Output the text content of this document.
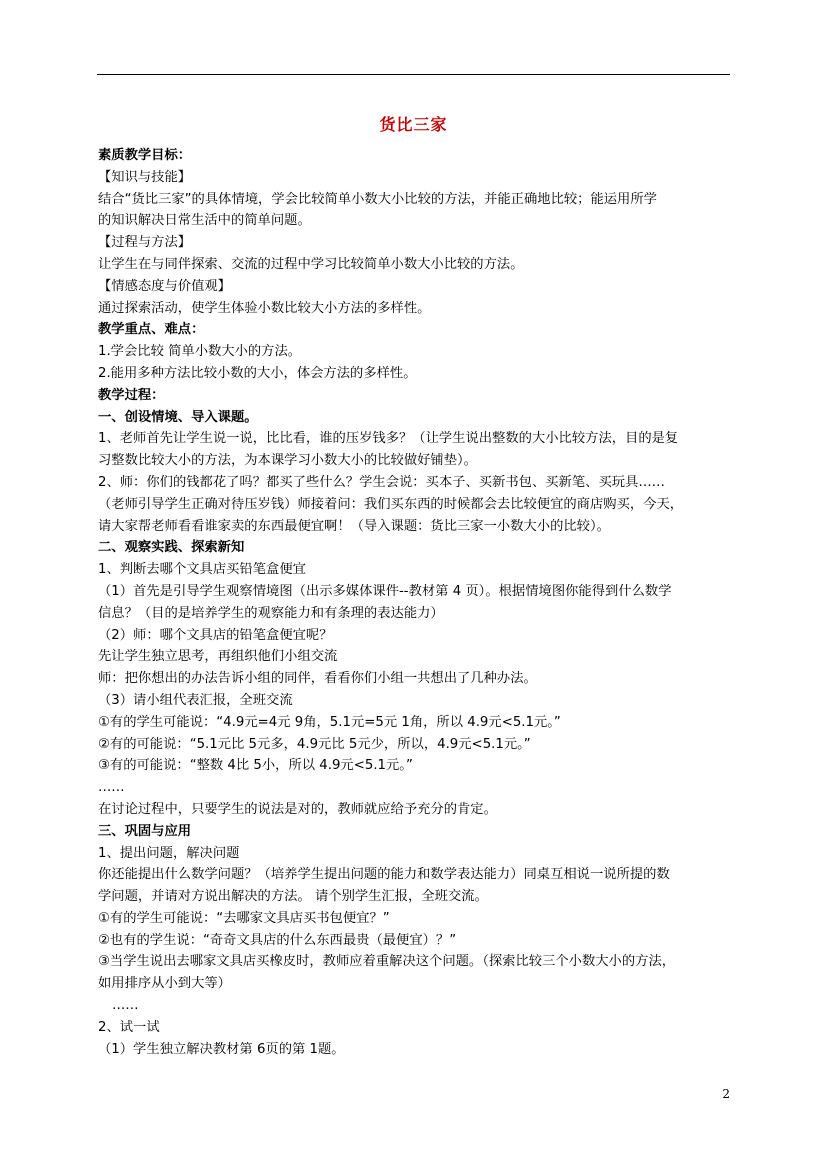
货比三家
素质教学目标：
【知识与技能】
结合“货比三家”的具体情境，学会比较简单小数大小比较的方法，并能正确地比较；能运用所学
的知识解决日常生活中的简单问题。
【过程与方法】
让学生在与同伴探索、交流的过程中学习比较简单小数大小比较的方法。
【情感态度与价值观】
通过探索活动，使学生体验小数比较大小方法的多样性。
教学重点、难点：
1.学会比较 简单小数大小的方法。
2.能用多种方法比较小数的大小，体会方法的多样性。
教学过程：
一、创设情境、导入课题。
1、老师首先让学生说一说，比比看，谁的压岁钱多？（让学生说出整数的大小比较方法，目的是复
习整数比较大小的方法，为本课学习小数大小的比较做好铺垫）。
2、师：你们的钱都花了吗？都买了些什么？学生会说：买本子、买新书包、买新笔、买玩具……
（老师引导学生正确对待压岁钱）师接着问：我们买东西的时候都会去比较便宜的商店购买，今天，
请大家帮老师看看谁家卖的东西最便宜啊！（导入课题：货比三家一小数大小的比较）。
二、观察实践、探索新知
1、判断去哪个文具店买铅笔盒便宜
（1）首先是引导学生观察情境图（出示多媒体课件--教材第 4 页）。根据情境图你能得到什么数学
信息？（目的是培养学生的观察能力和有条理的表达能力）
（2）师：哪个文具店的铅笔盒便宜呢？
先让学生独立思考，再组织他们小组交流
师：把你想出的办法告诉小组的同伴，看看你们小组一共想出了几种办法。
（3）请小组代表汇报，全班交流
①有的学生可能说：“4.9元=4元 9角，5.1元=5元 1角，所以 4.9元<5.1元。”
②有的可能说：“5.1元比 5元多，4.9元比 5元少，所以，4.9元<5.1元。”
③有的可能说：“整数 4比 5小，所以 4.9元<5.1元。”
……
在讨论过程中，只要学生的说法是对的，教师就应给予充分的肯定。
三、巩固与应用
1、提出问题，解决问题
你还能提出什么数学问题？（培养学生提出问题的能力和数学表达能力）同桌互相说一说所提的数
学问题，并请对方说出解决的方法。 请个别学生汇报，全班交流。
①有的学生可能说：“去哪家文具店买书包便宜？”
②也有的学生说：“奇奇文具店的什么东西最贵（最便宜）？”
③当学生说出去哪家文具店买橡皮时，教师应着重解决这个问题。（探索比较三个小数大小的方法，
如用排序从小到大等）
……
2、试一试
（1）学生独立解决教材第 6页的第 1题。
2
